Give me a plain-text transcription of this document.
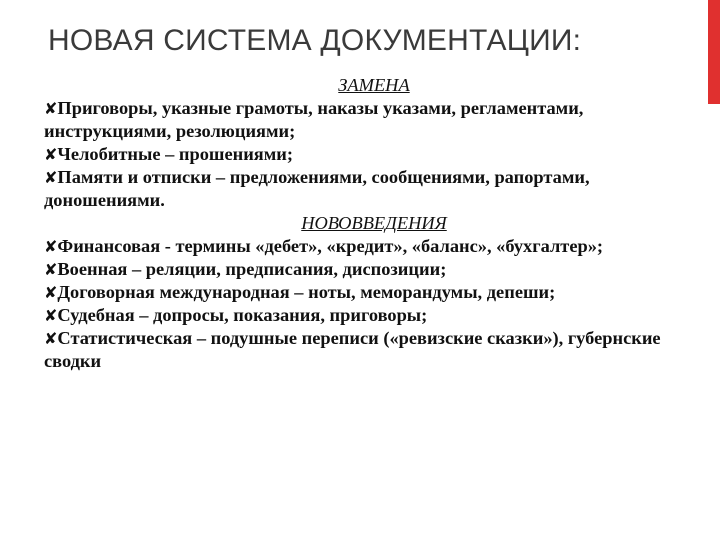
НОВАЯ СИСТЕМА ДОКУМЕНТАЦИИ:
ЗАМЕНА
✘Приговоры, указные грамоты, наказы указами, регламентами, инструкциями, резолюциями;
✘Челобитные – прошениями;
✘Памяти и отписки – предложениями, сообщениями, рапортами, доношениями.
НОВОВВЕДЕНИЯ
✘Финансовая - термины «дебет», «кредит», «баланс», «бухгалтер»;
✘Военная – реляции, предписания, диспозиции;
✘Договорная международная – ноты, меморандумы, депеши;
✘Судебная – допросы, показания, приговоры;
✘Статистическая – подушные переписи («ревизские сказки»), губернские сводки
